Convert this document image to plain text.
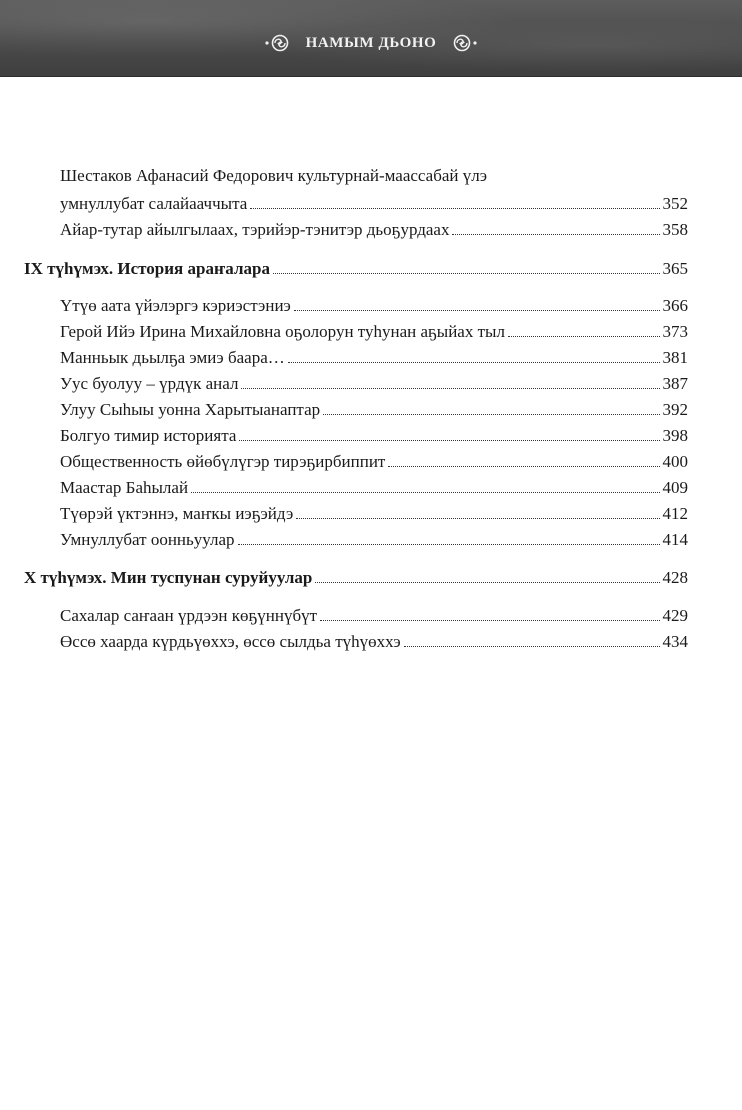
НАМЫМ ДЬОНО
Шестаков Афанасий Федорович культурнай-маассабай үлэ
умнуллубат салайааччыта	352
Айар-тутар айылгылаах, тэрийэр-тэнитэр дьоҕурдаах	358
IX түһүмэх. История араҥалара	365
Үтүө аата үйэлэргэ кэриэстэниэ	366
Герой Ийэ Ирина Михайловна оҕолорун туһунан аҕыйах тыл	373
Манньык дьылҕа эмиэ баара…	381
Уус буолуу – үрдүк анал	387
Улуу Сыһыы уонна Харытыанаптар	392
Болгуо тимир историята	398
Общественность өйөбүлүгэр тирэҕирбиппит	400
Маастар Баһылай	409
Түөрэй үктэннэ, маҥкы иэҕэйдэ	412
Умнуллубат оонньуулар	414
X түһүмэх. Мин туспунан суруйуулар	428
Сахалар саҥаан үрдээн көҕүннүбүт	429
Өссө хаарда күрдьүөххэ, өссө сылдьа түһүөххэ	434
